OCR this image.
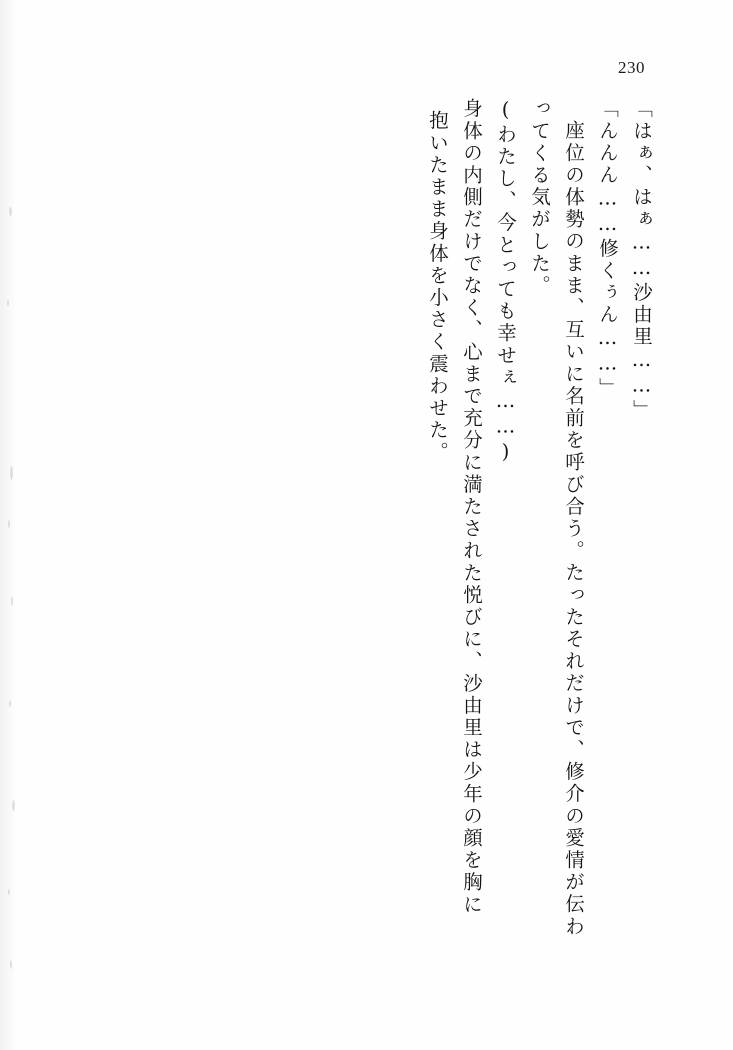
230
「はぁ、はぁ……沙由里……」
「んんん……修くぅん……」
座位の体勢のまま、互いに名前を呼び合う。たったそれだけで、修介の愛情が伝わ
ってくる気がした。
(わたし、今とっても幸せぇ……)
身体の内側だけでなく、心まで充分に満たされた悦びに、沙由里は少年の顔を胸に
抱いたまま身体を小さく震わせた。
